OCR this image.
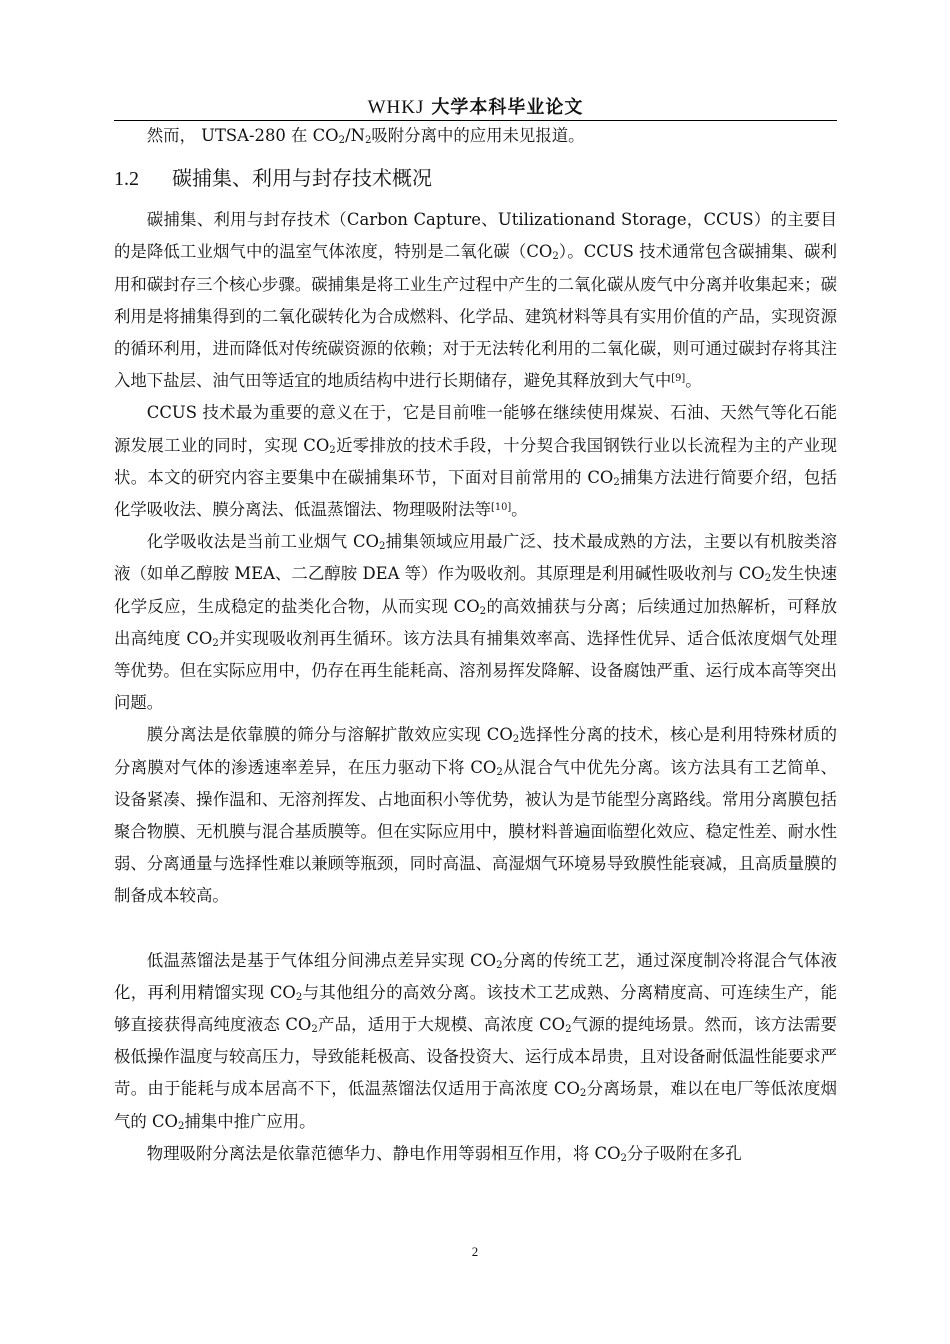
WHKJ 大学本科毕业论文

然而， UTSA-280 在 $CO_2/N_2$吸附分离中的应用未见报道。

1.2 碳捕集、利用与封存技术概况

碳捕集、利用与封存技术（Carbon Capture、Utilizationand Storage，CCUS）的主要目的是降低工业烟气中的温室气体浓度，特别是二氧化碳$(CO_2)$。CCUS 技术通常包含碳捕集、碳利用和碳封存三个核心步骤。碳捕集是将工业生产过程中产生的二氧化碳从废气中分离并收集起来；碳利用是将捕集得到的二氧化碳转化为合成燃料、化学品、建筑材料等具有实用价值的产品，实现资源的循环利用，进而降低对传统碳资源的依赖；对于无法转化利用的二氧化碳，则可通过碳封存将其注入地下盐层、油气田等适宜的地质结构中进行长期储存，避免其释放到大气中[9]。

CCUS 技术最为重要的意义在于，它是目前唯一能够在继续使用煤炭、石油、天然气等化石能源发展工业的同时，实现 $CO_2$近零排放的技术手段，十分契合我国钢铁行业以长流程为主的产业现状。本文的研究内容主要集中在碳捕集环节，下面对目前常用的 $CO_2$捕集方法进行简要介绍，包括化学吸收法、膜分离法、低温蒸馏法、物理吸附法等[10]。

化学吸收法是当前工业烟气 $CO_2$捕集领域应用最广泛、技术最成熟的方法，主要以有机胺类溶液（如单乙醇胺 MEA、二乙醇胺 DEA 等）作为吸收剂。其原理是利用碱性吸收剂与 $CO_2$发生快速化学反应，生成稳定的盐类化合物，从而实现 $CO_2$的高效捕获与分离；后续通过加热解析，可释放出高纯度 $CO_2$并实现吸收剂再生循环。该方法具有捕集效率高、选择性优异、适合低浓度烟气处理等优势。但在实际应用中，仍存在再生能耗高、溶剂易挥发降解、设备腐蚀严重、运行成本高等突出问题。

膜分离法是依靠膜的筛分与溶解扩散效应实现 $CO_2$选择性分离的技术，核心是利用特殊材质的分离膜对气体的渗透速率差异，在压力驱动下将 $CO_2$从混合气中优先分离。该方法具有工艺简单、设备紧凑、操作温和、无溶剂挥发、占地面积小等优势，被认为是节能型分离路线。常用分离膜包括聚合物膜、无机膜与混合基质膜等。但在实际应用中，膜材料普遍面临塑化效应、稳定性差、耐水性弱、分离通量与选择性难以兼顾等瓶颈，同时高温、高湿烟气环境易导致膜性能衰减，且高质量膜的制备成本较高。

低温蒸馏法是基于气体组分间沸点差异实现 $CO_2$分离的传统工艺，通过深度制冷将混合气体液化，再利用精馏实现 $CO_2$与其他组分的高效分离。该技术工艺成熟、分离精度高、可连续生产，能够直接获得高纯度液态 $CO_2$产品，适用于大规模、高浓度 $CO_2$气源的提纯场景。然而，该方法需要极低操作温度与较高压力，导致能耗极高、设备投资大、运行成本昂贵，且对设备耐低温性能要求严苛。由于能耗与成本居高不下，低温蒸馏法仅适用于高浓度 $CO_2$分离场景，难以在电厂等低浓度烟气的 $CO_2$捕集中推广应用。

物理吸附分离法是依靠范德华力、静电作用等弱相互作用，将 $CO_2$分子吸附在多孔

2
